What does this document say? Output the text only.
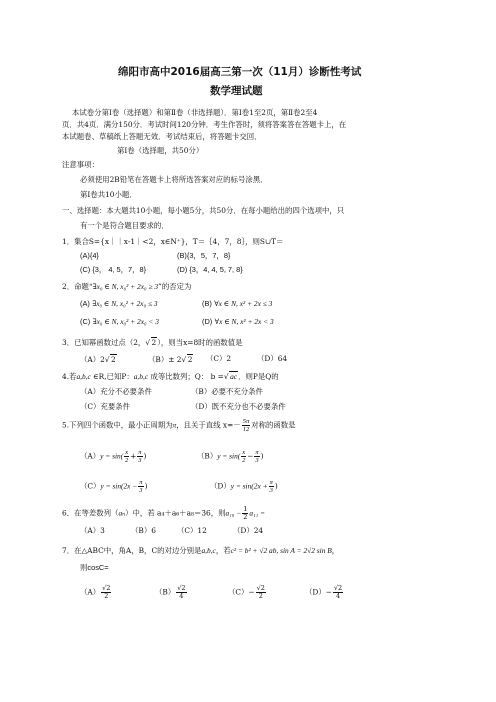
绵阳市高中2016届高三第一次（11月）诊断性考试
数学理试题
本试卷分第Ⅰ卷（选择题）和第Ⅱ卷（非选择题）．第Ⅰ卷1至2页，第Ⅱ卷2至4
页．共4页．满分150分．考试时间120分钟．考生作答时，须将答案答在答题卡上，在
本试题卷、草稿纸上答题无效．考试结束后，将答题卡交回．
第Ⅰ卷（选择题，共50分）
注意事项：
必须使用2B铅笔在答题卡上将所选答案对应的标号涂黑．
第Ⅰ卷共10小题．
一、选择题：本大题共10小题，每小题5分，共50分．在每小题给出的四个选项中，只
有一个是符合题目要求的．
1．集合S={x｜｜x-1｜<2，x∈N⁺}，T＝｛4，7，8｝，则S∪T＝
(A){4}	(B){3，5，7，8}
(C) {3， 4, 5，7，8}	(D) {3，4, 4, 5, 7, 8}
2．命题“∃x₀ ∈ N, x₀² + 2x₀ ≥ 3”的否定为
(A) ∃x₀ ∈ N, x₀² + 2x₀ ≤ 3	(B) ∀x ∈ N, x² + 2x ≤ 3
(C) ∃x₀ ∈ N, x₀² + 2x₀ < 3	(D) ∀x ∈ N, x² + 2x < 3
3．已知幂函数过点（2，√ 2），则当x=8时的函数值是
（A）2√ 2	（B）± 2√ 2 （C）2	（D）64
4.若a,b,c ∈R,已知P：a,b,c 成等比数列；Q： b =√ ac．则P是Q的
（A）充分不必要条件	（B）必要不充分条件
（C）充要条件	（D）既不充分也不必要条件
5.下列四个函数中，最小正周期为π，且关于直线 $x=- \frac{5\pi}{12}$ 对称的函数是
$(A)y = \sin( \frac{x}{2} + \frac{\pi}{3}$ )	$(B)y = \sin( \frac{x}{2} - \frac{\pi}{3}$ )
$(C)y = \sin(2x - \frac{\pi}{3}$ )	$(D)y = \sin(2x + \frac{\pi}{3}$ )
6．在等差数列（aₙ）中，若 a₄＋a₆＋a₈＝36，则$a_{10} - \frac{1}{2} a_{11}$ =
（A）3	（B）6	（C）12	（D）24
7．在△ABC中，角A，B，C的对边分别是a,b,c，若c² = b² + √2 ab, sin A = 2√2 sin B，
则cosC=
$(A) \frac{√2}{2}$	$(B) \frac{√2}{4}$	$(C)- \frac{√2}{2}$	$(D)- \frac{√2}{4}$
